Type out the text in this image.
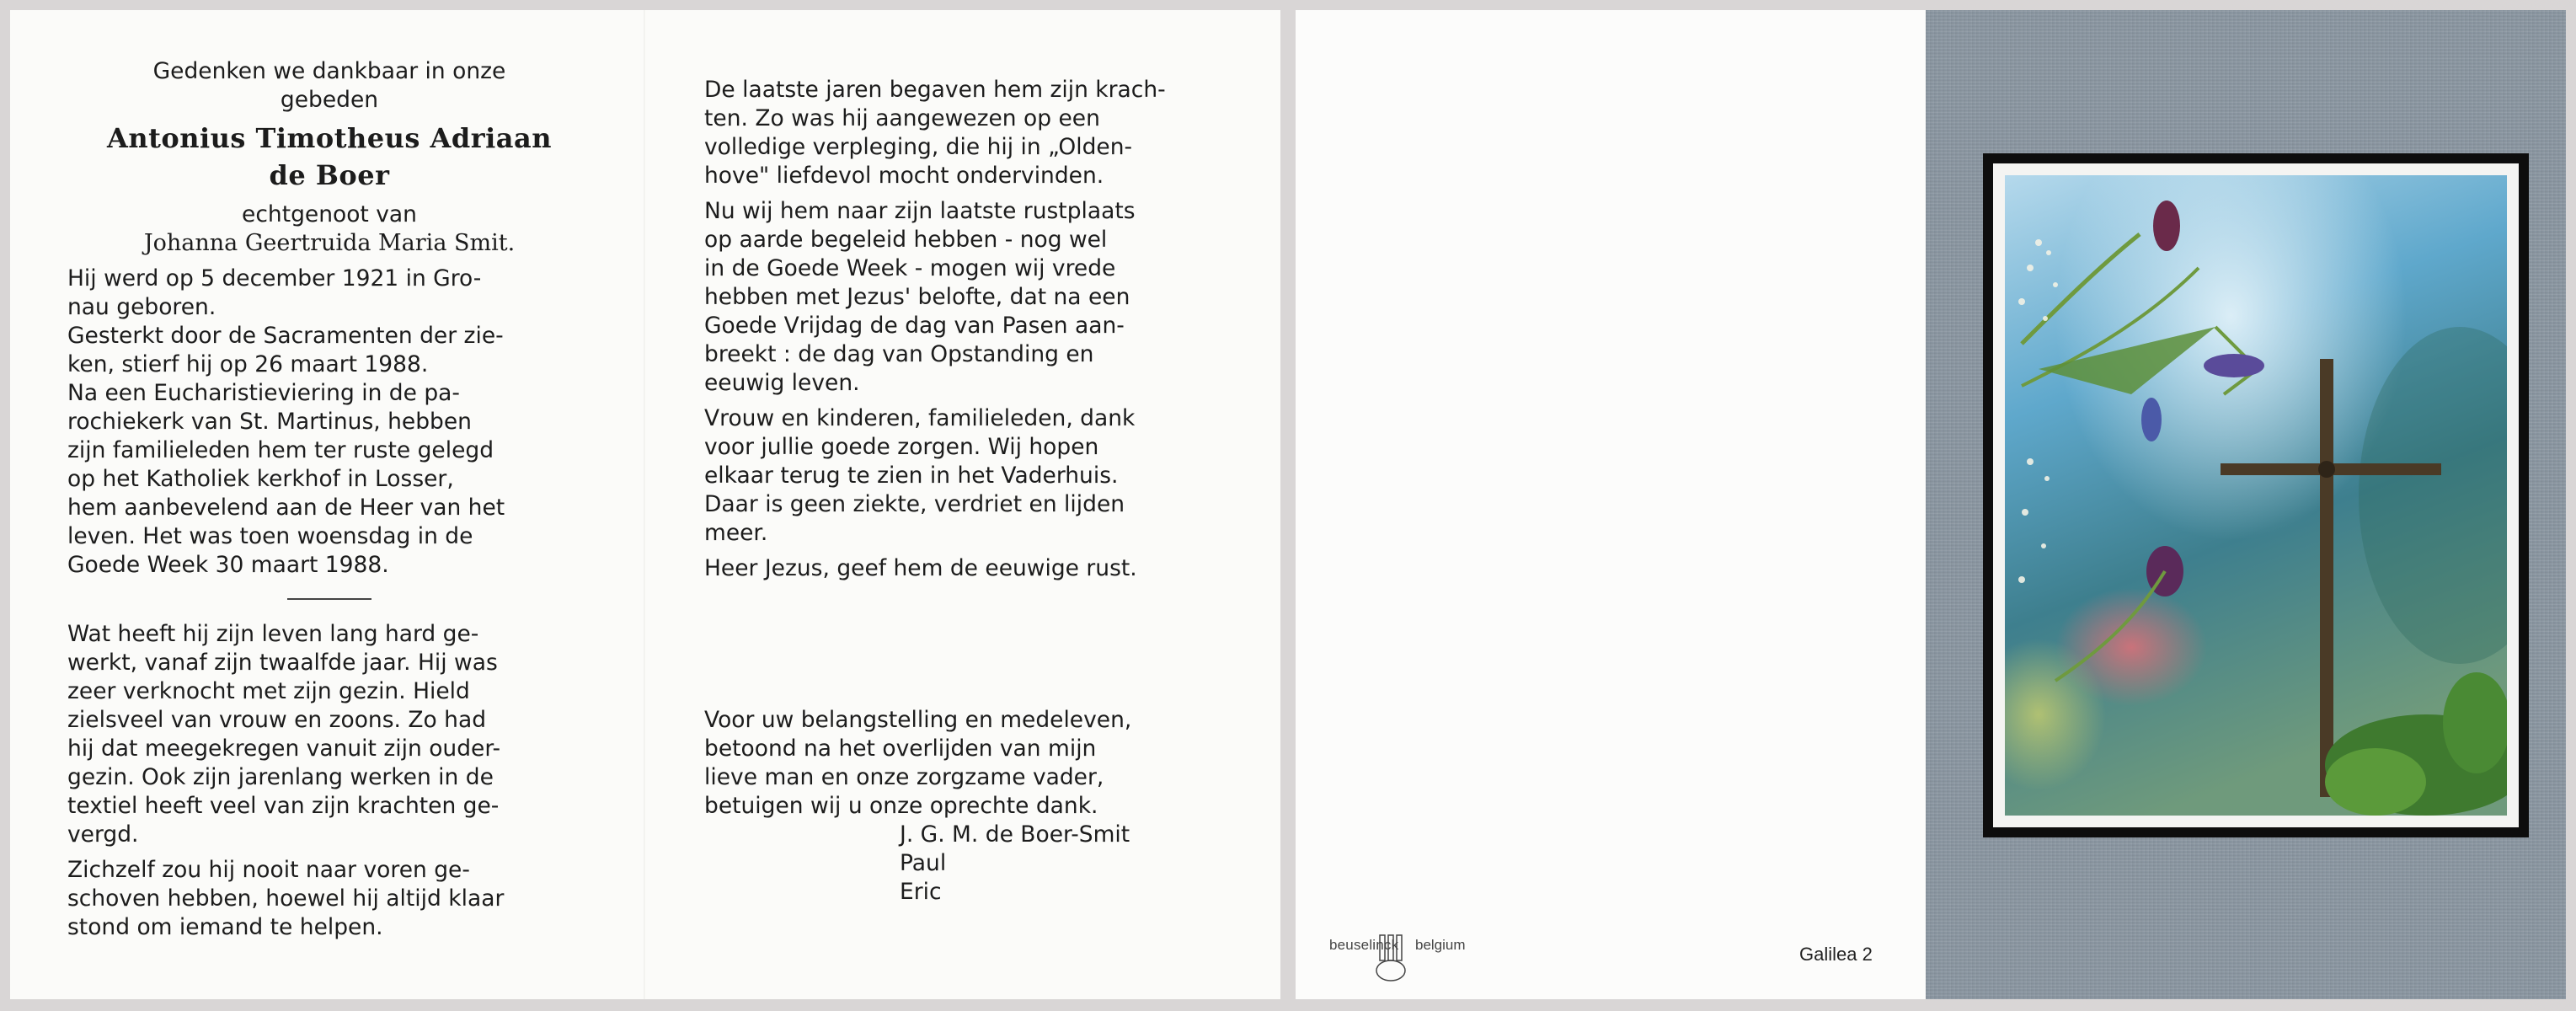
Gedenken we dankbaar in onze
gebeden
Antonius Timotheus Adriaan
de Boer
echtgenoot van
Johanna Geertruida Maria Smit.
Hij werd op 5 december 1921 in Gro-
nau geboren.
Gesterkt door de Sacramenten der zie-
ken, stierf hij op 26 maart 1988.
Na een Eucharistieviering in de pa-
rochiekerk van St. Martinus, hebben
zijn familieleden hem ter ruste gelegd
op het Katholiek kerkhof in Losser,
hem aanbevelend aan de Heer van het
leven. Het was toen woensdag in de
Goede Week 30 maart 1988.
Wat heeft hij zijn leven lang hard ge-
werkt, vanaf zijn twaalfde jaar. Hij was
zeer verknocht met zijn gezin. Hield
zielsveel van vrouw en zoons. Zo had
hij dat meegekregen vanuit zijn ouder-
gezin. Ook zijn jarenlang werken in de
textiel heeft veel van zijn krachten ge-
vergd.
Zichzelf zou hij nooit naar voren ge-
schoven hebben, hoewel hij altijd klaar
stond om iemand te helpen.
De laatste jaren begaven hem zijn krach-
ten. Zo was hij aangewezen op een
volledige verpleging, die hij in „Olden-
hove" liefdevol mocht ondervinden.
Nu wij hem naar zijn laatste rustplaats
op aarde begeleid hebben - nog wel
in de Goede Week - mogen wij vrede
hebben met Jezus' belofte, dat na een
Goede Vrijdag de dag van Pasen aan-
breekt : de dag van Opstanding en
eeuwig leven.
Vrouw en kinderen, familieleden, dank
voor jullie goede zorgen. Wij hopen
elkaar terug te zien in het Vaderhuis.
Daar is geen ziekte, verdriet en lijden
meer.
Heer Jezus, geef hem de eeuwige rust.
Voor uw belangstelling en medeleven,
betoond na het overlijden van mijn
lieve man en onze zorgzame vader,
betuigen wij u onze oprechte dank.
J. G. M. de Boer-Smit
Paul
Eric
beuselinck belgium	Galilea 2
